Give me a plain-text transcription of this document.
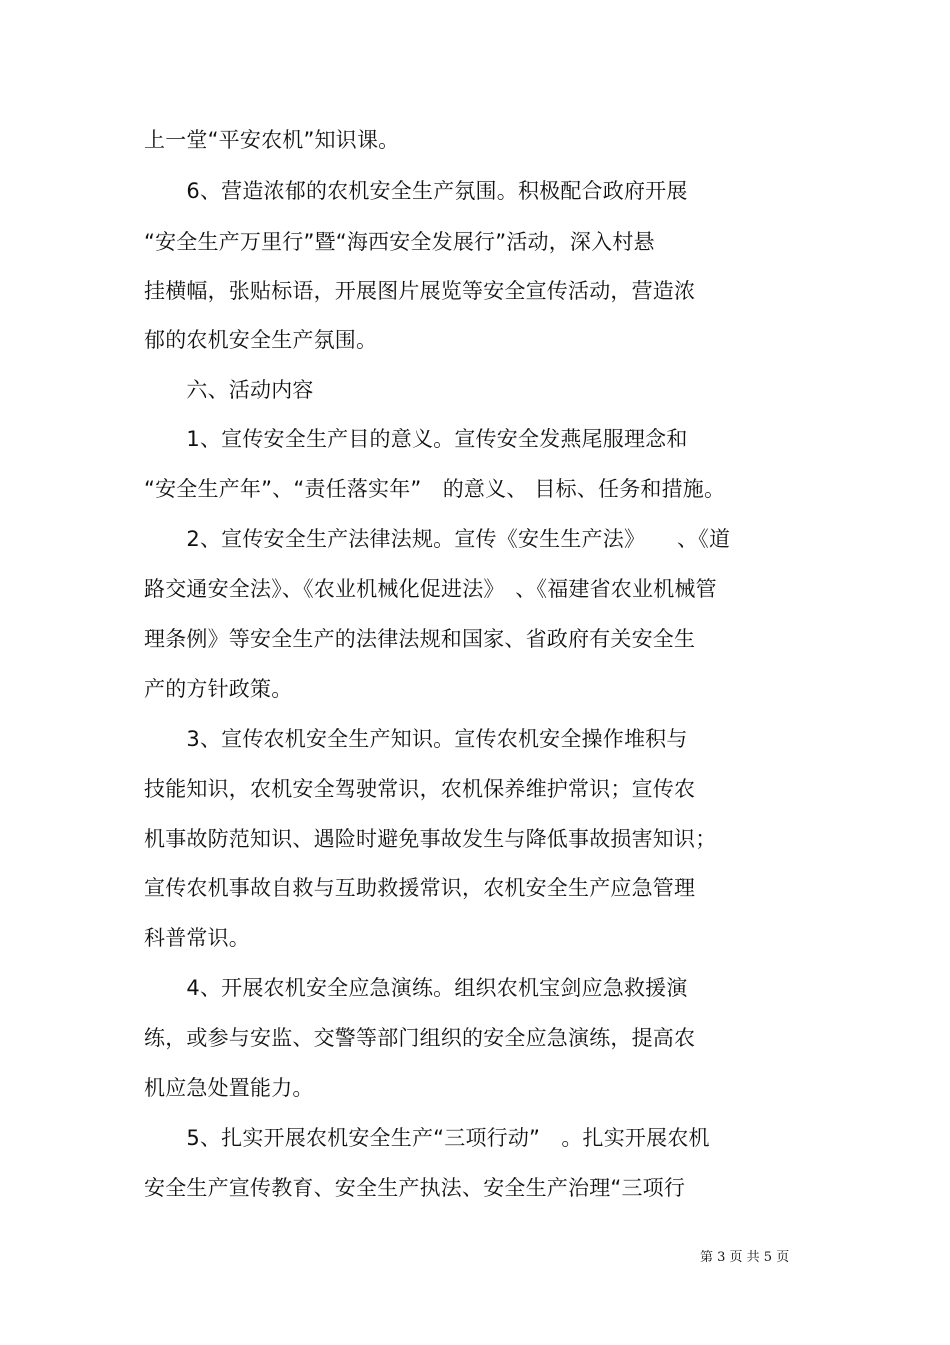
上一堂“平安农机”知识课。
　　6、营造浓郁的农机安全生产氛围。积极配合政府开展
“安全生产万里行”暨“海西安全发展行”活动，深入村悬
挂横幅，张贴标语，开展图片展览等安全宣传活动，营造浓
郁的农机安全生产氛围。
　　六、活动内容
　　1、宣传安全生产目的意义。宣传安全发燕尾服理念和
“安全生产年”、“责任落实年”　的意义、 目标、任务和措施。
　　2、宣传安全生产法律法规。宣传《安生生产法》　　、《道
路交通安全法》、《农业机械化促进法》　、《福建省农业机械管
理条例》等安全生产的法律法规和国家、省政府有关安全生
产的方针政策。
　　3、宣传农机安全生产知识。宣传农机安全操作堆积与
技能知识，农机安全驾驶常识，农机保养维护常识；宣传农
机事故防范知识、遇险时避免事故发生与降低事故损害知识；
宣传农机事故自救与互助救援常识，农机安全生产应急管理
科普常识。
　　4、开展农机安全应急演练。组织农机宝剑应急救援演
练，或参与安监、交警等部门组织的安全应急演练，提高农
机应急处置能力。
　　5、扎实开展农机安全生产“三项行动”　。扎实开展农机
安全生产宣传教育、安全生产执法、安全生产治理“三项行
第 3 页 共 5 页
